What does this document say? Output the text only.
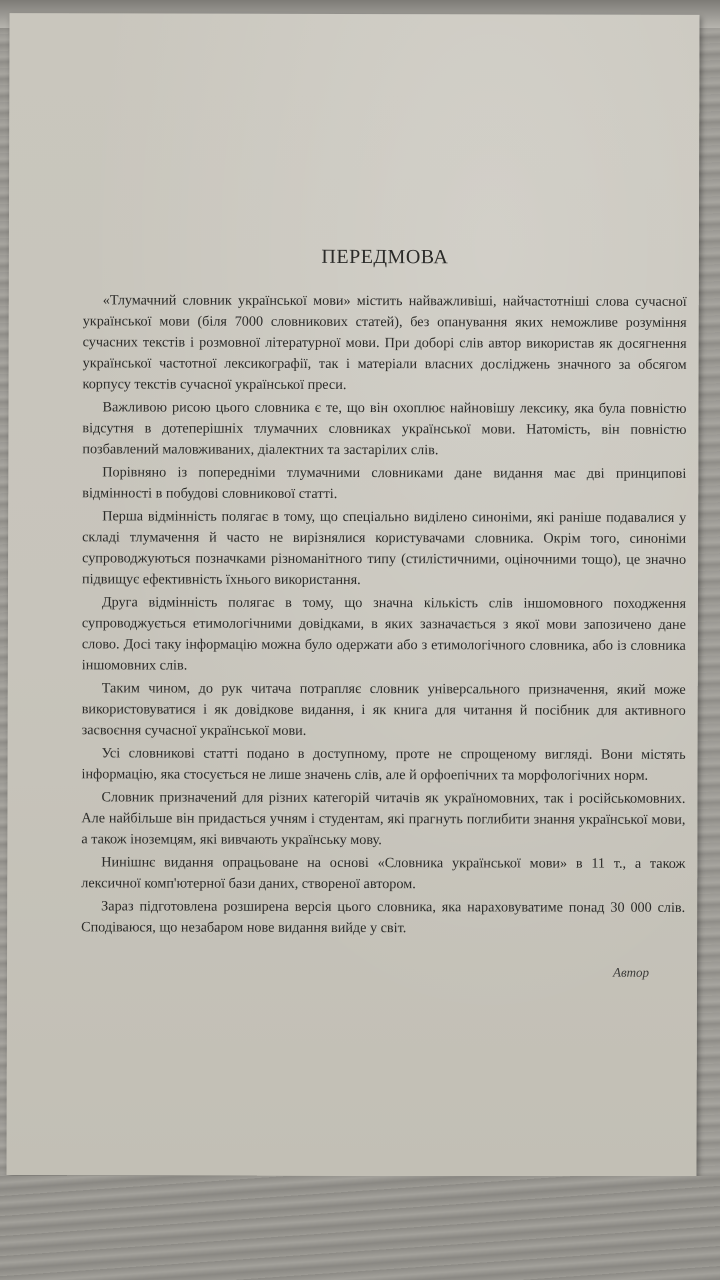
ПЕРЕДМОВА

«Тлумачний словник української мови» містить найважливіші, найчастотніші слова сучасної української мови (біля 7000 словникових статей), без опанування яких неможливе розуміння сучасних текстів і розмовної літературної мови. При доборі слів автор використав як досягнення української частотної лексикографії, так і матеріали власних досліджень значного за обсягом корпусу текстів сучасної української преси.

Важливою рисою цього словника є те, що він охоплює найновішу лексику, яка була повністю відсутня в дотеперішніх тлумачних словниках української мови. Натомість, він повністю позбавлений маловживаних, діалектних та застарілих слів.

Порівняно із попередніми тлумачними словниками дане видання має дві принципові відмінності в побудові словникової статті.

Перша відмінність полягає в тому, що спеціально виділено синоніми, які раніше подавалися у складі тлумачення й часто не вирізнялися користувачами словника. Окрім того, синоніми супроводжуються позначками різноманітного типу (стилістичними, оціночними тощо), це значно підвищує ефективність їхнього використання.

Друга відмінність полягає в тому, що значна кількість слів іншомовного походження супроводжується етимологічними довідками, в яких зазначається з якої мови запозичено дане слово. Досі таку інформацію можна було одержати або з етимологічного словника, або із словника іншомовних слів.

Таким чином, до рук читача потрапляє словник універсального призначення, який може використовуватися і як довідкове видання, і як книга для читання й посібник для активного засвоєння сучасної української мови.

Усі словникові статті подано в доступному, проте не спрощеному вигляді. Вони містять інформацію, яка стосується не лише значень слів, але й орфоепічних та морфологічних норм.

Словник призначений для різних категорій читачів як україномовних, так і російськомовних. Але найбільше він придасться учням і студентам, які прагнуть поглибити знання української мови, а також іноземцям, які вивчають українську мову.

Нинішнє видання опрацьоване на основі «Словника української мови» в 11 т., а також лексичної комп'ютерної бази даних, створеної автором.

Зараз підготовлена розширена версія цього словника, яка нараховуватиме понад 30 000 слів. Сподіваюся, що незабаром нове видання вийде у світ.

Автор
